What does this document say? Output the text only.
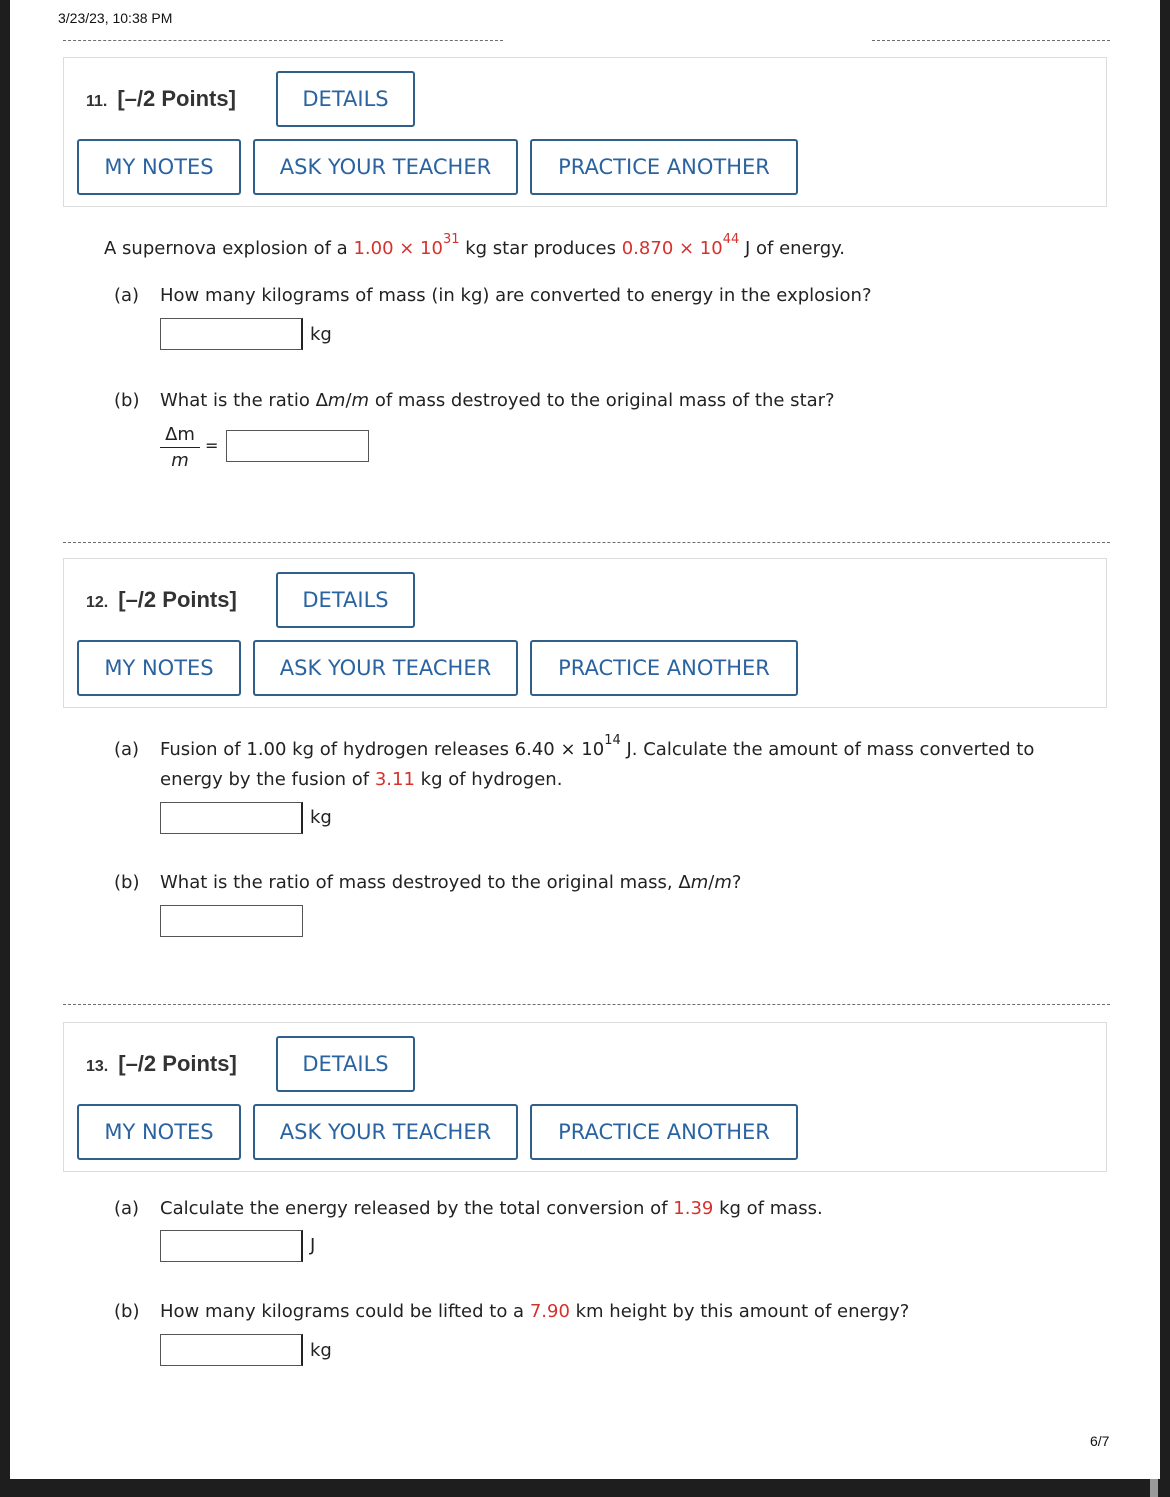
3/23/23, 10:38 PM
11. [–/2 Points]	DETAILS
MY NOTES	ASK YOUR TEACHER	PRACTICE ANOTHER
A supernova explosion of a $1.00 \times 10^{31}$ kg star produces $0.870 \times 10^{44}$ J of energy.
(a) How many kilograms of mass (in kg) are converted to energy in the explosion?
kg
(b) What is the ratio Δm/m of mass destroyed to the original mass of the star?
$\frac{\Delta m}{m}$ =
12. [–/2 Points]	DETAILS
MY NOTES	ASK YOUR TEACHER	PRACTICE ANOTHER
(a) Fusion of 1.00 kg of hydrogen releases $6.40 \times 10^{14}$ J. Calculate the amount of mass converted to
energy by the fusion of 3.11 kg of hydrogen.
kg
(b) What is the ratio of mass destroyed to the original mass, Δm/m?
13. [–/2 Points]	DETAILS
MY NOTES	ASK YOUR TEACHER	PRACTICE ANOTHER
(a) Calculate the energy released by the total conversion of 1.39 kg of mass.
J
(b) How many kilograms could be lifted to a 7.90 km height by this amount of energy?
kg
6/7
